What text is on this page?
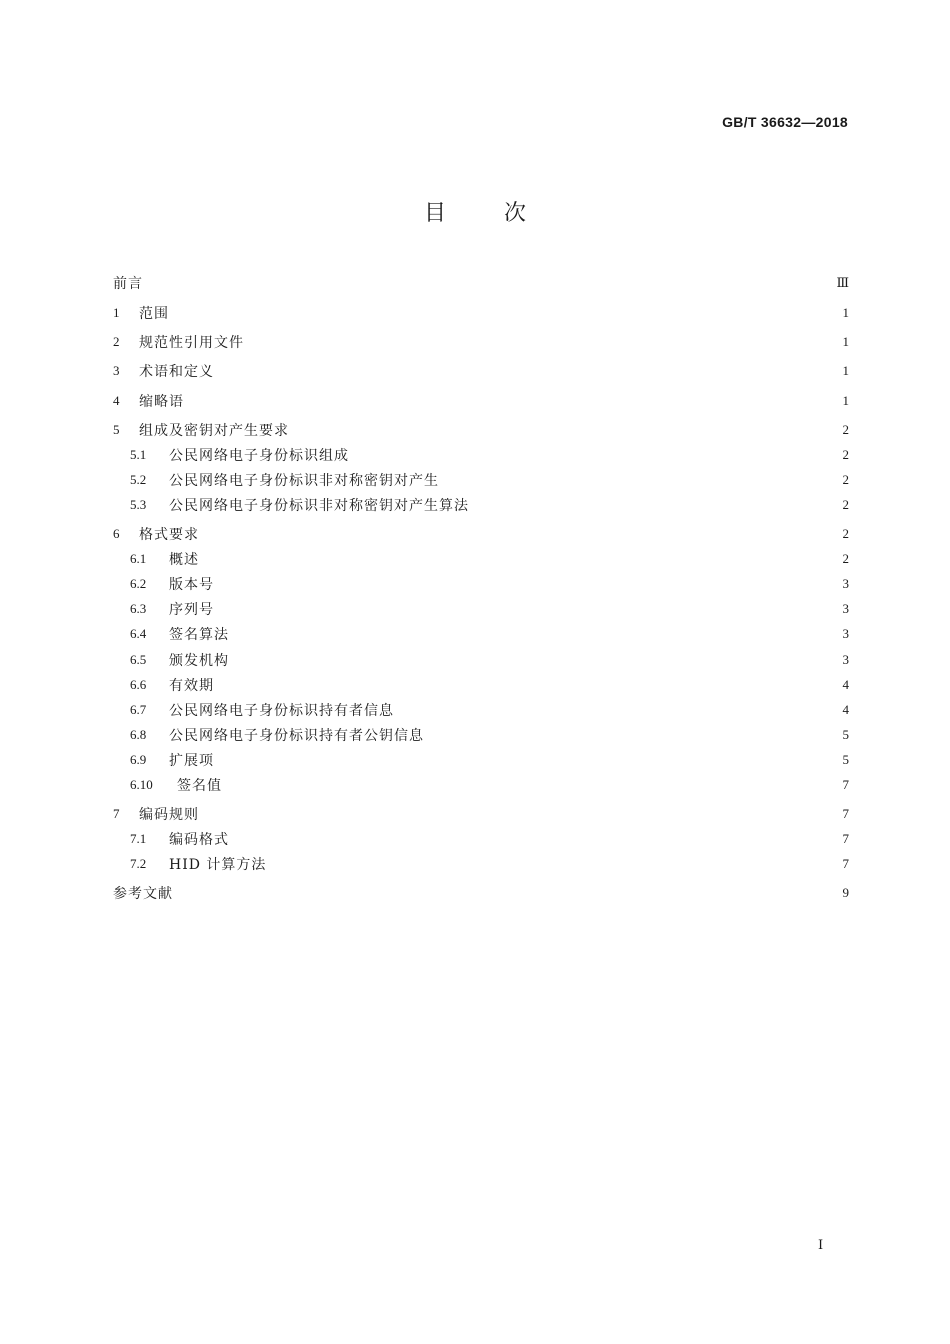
GB/T 36632—2018
目次
前言	Ⅲ
1	范围	1
2	规范性引用文件	1
3	术语和定义	1
4	缩略语	1
5	组成及密钥对产生要求	2
5.1	公民网络电子身份标识组成	2
5.2	公民网络电子身份标识非对称密钥对产生	2
5.3	公民网络电子身份标识非对称密钥对产生算法	2
6	格式要求	2
6.1	概述	2
6.2	版本号	3
6.3	序列号	3
6.4	签名算法	3
6.5	颁发机构	3
6.6	有效期	4
6.7	公民网络电子身份标识持有者信息	4
6.8	公民网络电子身份标识持有者公钥信息	5
6.9	扩展项	5
6.10	签名值	7
7	编码规则	7
7.1	编码格式	7
7.2	HID 计算方法	7
参考文献	9
Ⅰ
